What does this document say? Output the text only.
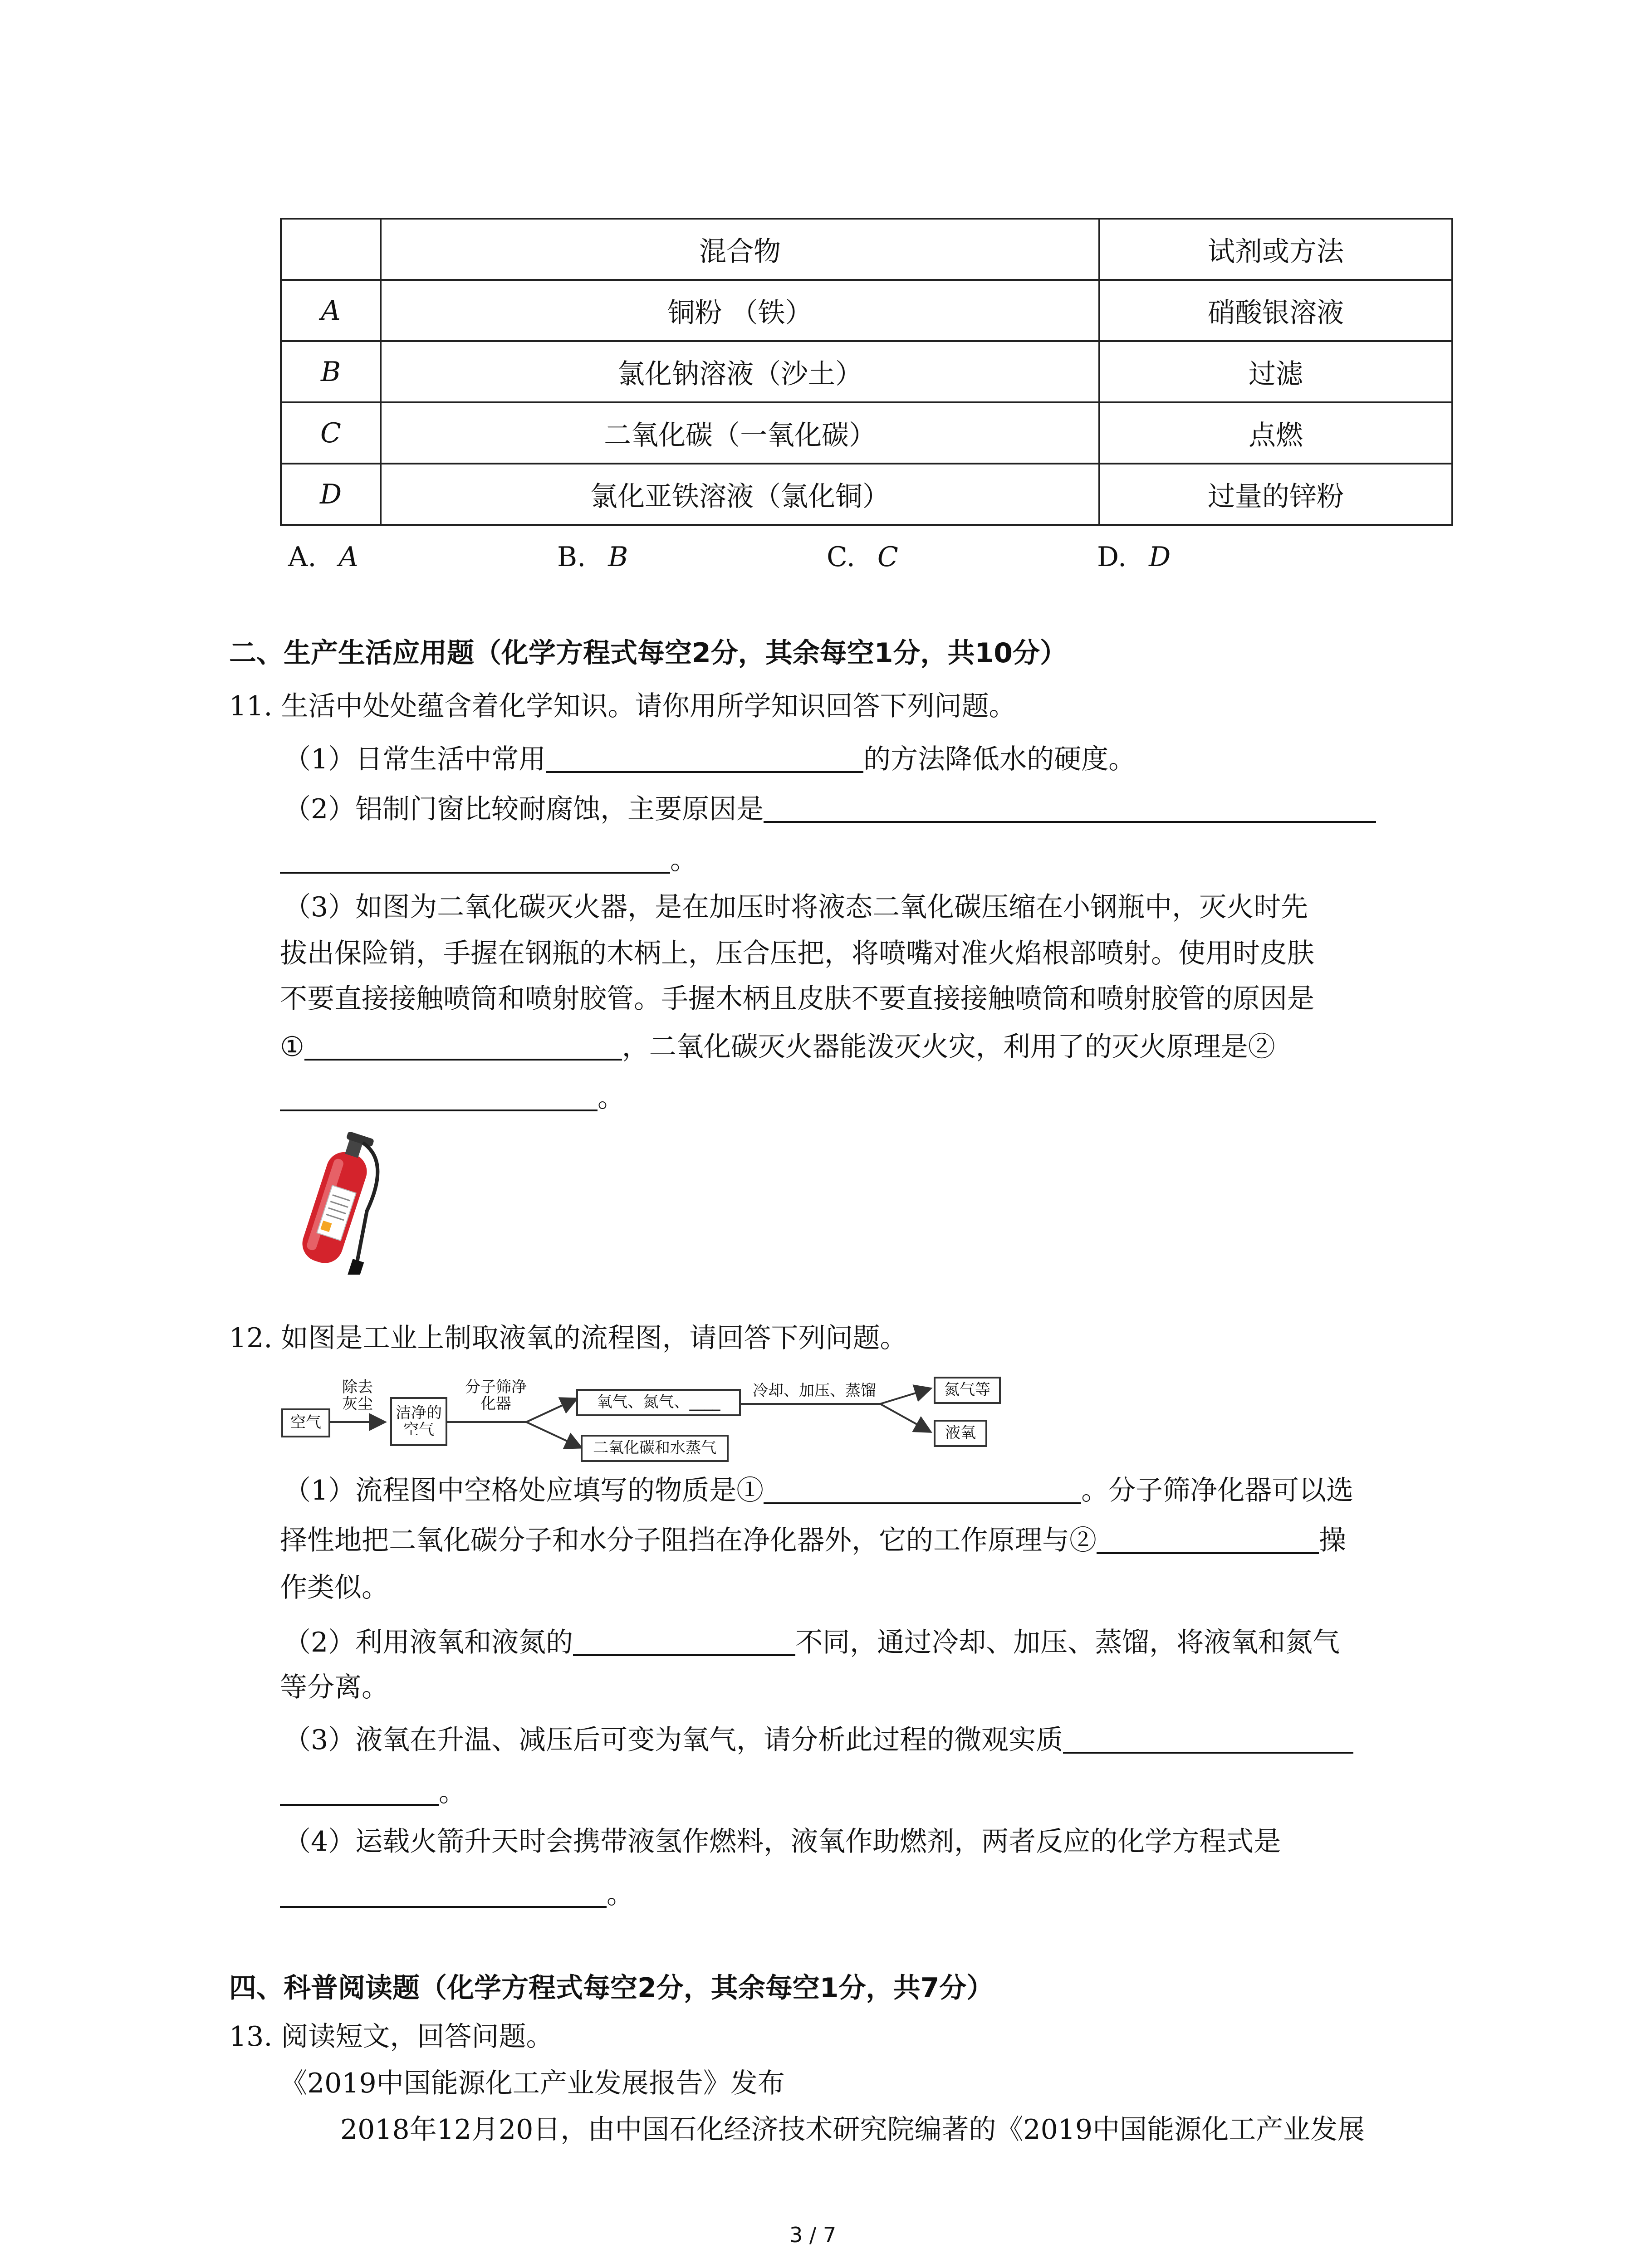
	混合物	试剂或方法
A	铜粉 （铁）	硝酸银溶液
B	氯化钠溶液（沙土）	过滤
C	二氧化碳（一氧化碳）	点燃
D	氯化亚铁溶液（氯化铜）	过量的锌粉
A. A	B. B	C. C	D. D
二、生产生活应用题（化学方程式每空2分，其余每空1分，共10分）
11. 生活中处处蕴含着化学知识。请你用所学知识回答下列问题。
（1）日常生活中常用	的方法降低水的硬度。
（2）铝制门窗比较耐腐蚀，主要原因是
。
（3）如图为二氧化碳灭火器，是在加压时将液态二氧化碳压缩在小钢瓶中，灭火时先
拔出保险销，手握在钢瓶的木柄上，压合压把，将喷嘴对准火焰根部喷射。使用时皮肤
不要直接接触喷筒和喷射胶管。手握木柄且皮肤不要直接接触喷筒和喷射胶管的原因是
①	，二氧化碳灭火器能泼灭火灾，利用了的灭火原理是②
。
12. 如图是工业上制取液氧的流程图，请回答下列问题。
空气
除去灰尘	洁净的空气
分子筛净化器	氧气、氮气、____
二氧化碳和水蒸气
冷却、加压、蒸馏	氮气等
液氧
（1）流程图中空格处应填写的物质是①	。分子筛净化器可以选
择性地把二氧化碳分子和水分子阻挡在净化器外，它的工作原理与②	操
作类似。
（2）利用液氧和液氮的	不同，通过冷却、加压、蒸馏，将液氧和氮气
等分离。
（3）液氧在升温、减压后可变为氧气，请分析此过程的微观实质
。
（4）运载火箭升天时会携带液氢作燃料，液氧作助燃剂，两者反应的化学方程式是
。
四、科普阅读题（化学方程式每空2分，其余每空1分，共7分）
13. 阅读短文，回答问题。
《2019中国能源化工产业发展报告》发布
2018年12月20日，由中国石化经济技术研究院编著的《2019中国能源化工产业发展
3 / 7
